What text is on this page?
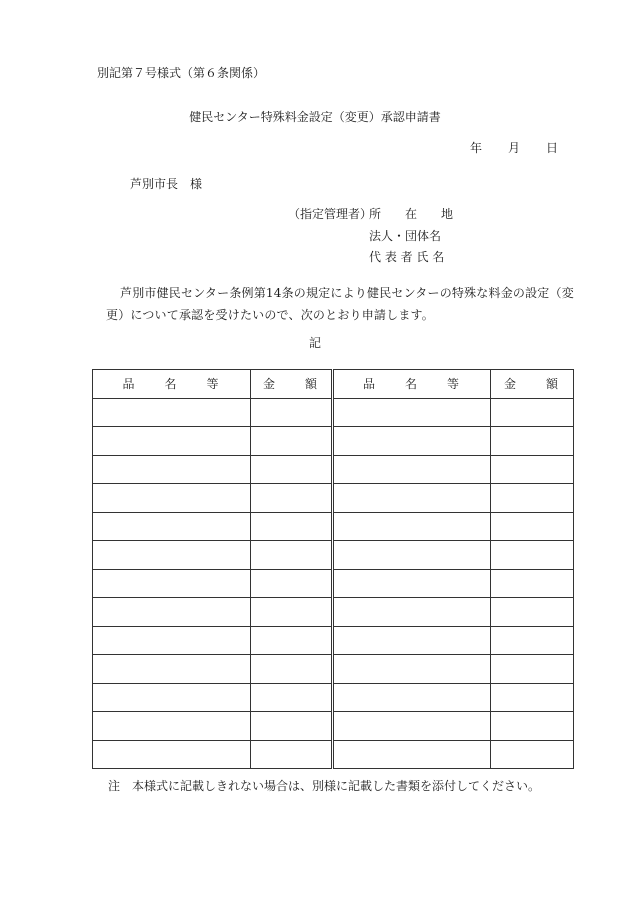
別記第７号様式（第６条関係）
健民センター特殊料金設定（変更）承認申請書
年 月 日
芦別市長　様
（指定管理者）
所　　在　　地
法人・団体名
代 表 者 氏 名
芦別市健民センター条例第14条の規定により健民センターの特殊な料金の設定（変更）について承認を受けたいので、次のとおり申請します。
記
品　　名　　等	金　　額	品　　名　　等	金　　額

注　本様式に記載しきれない場合は、別様に記載した書類を添付してください。
